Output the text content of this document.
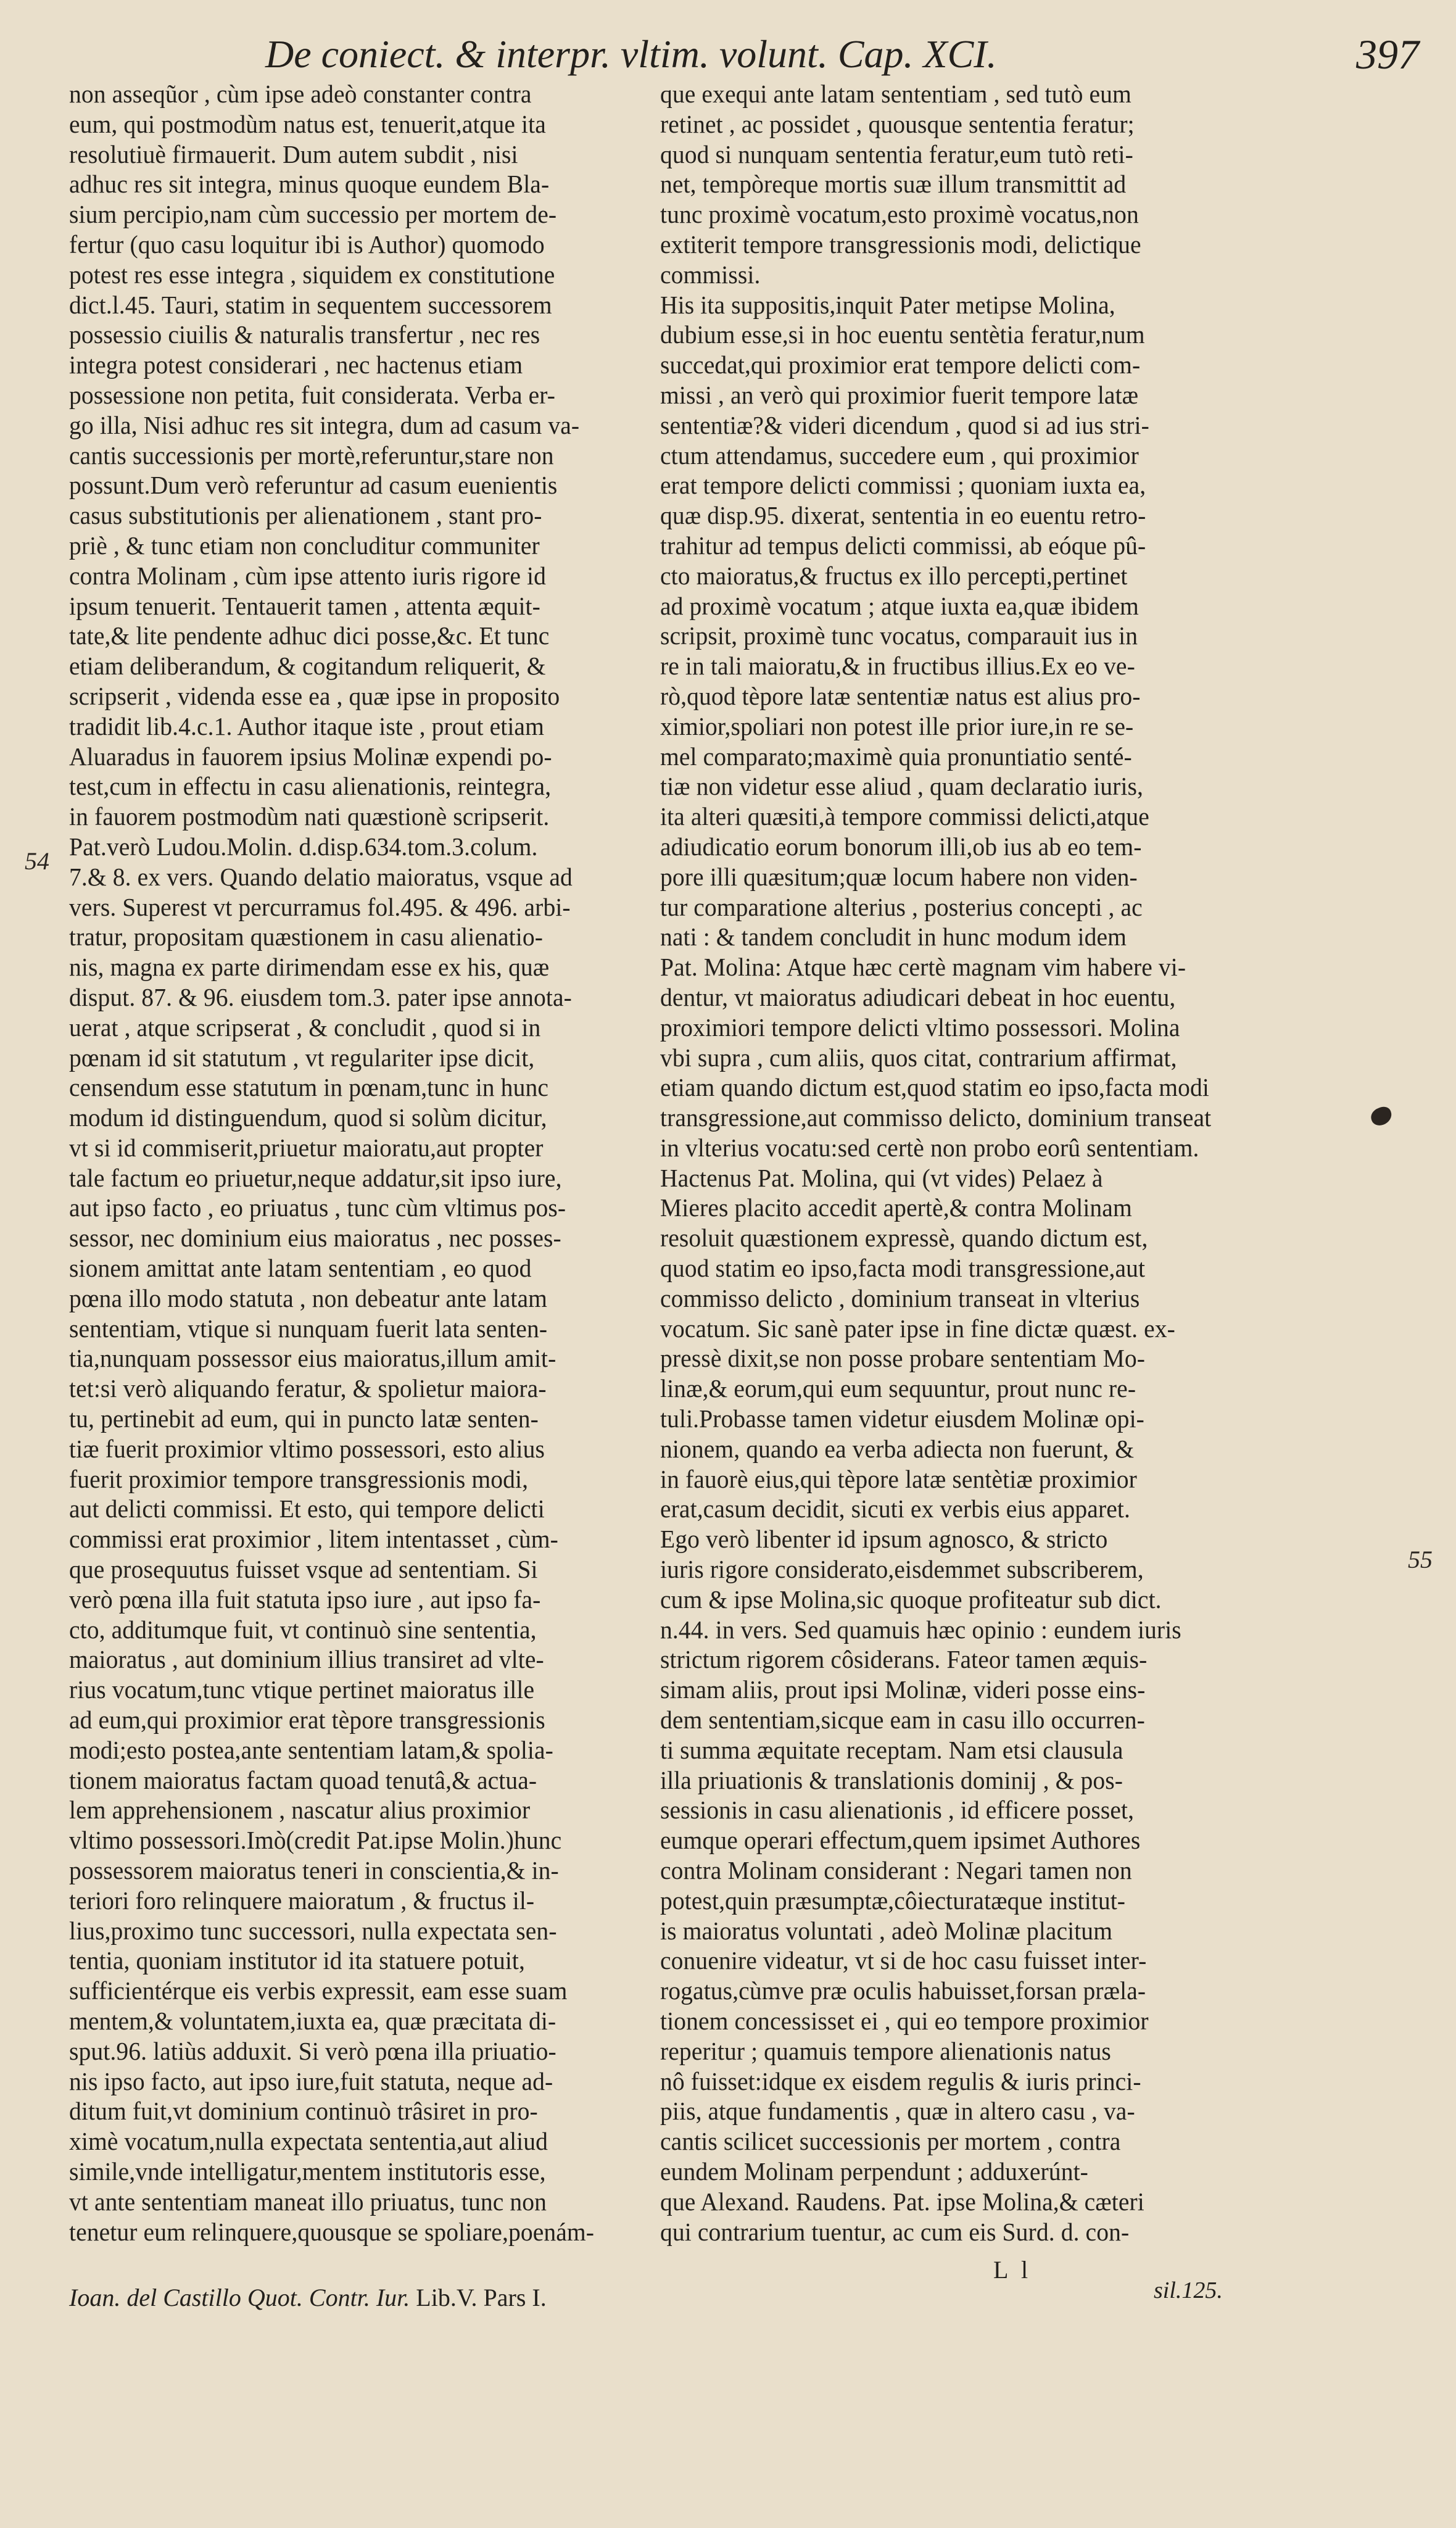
De coniect. & interpr. vltim. volunt. Cap. XCI.	397

non asseqũor , cùm ipse adeò constanter contra

eum, qui postmodùm natus est, tenuerit,atque ita

resolutiuè firmauerit. Dum autem subdit , nisi

adhuc res sit integra, minus quoque eundem Bla-

sium percipio,nam cùm successio per mortem de-

fertur (quo casu loquitur ibi is Author) quomodo

potest res esse integra , siquidem ex constitutione

dict.l.45. Tauri, statim in sequentem successorem

possessio ciuilis & naturalis transfertur , nec res

integra potest considerari , nec hactenus etiam

possessione non petita, fuit considerata. Verba er-

go illa, Nisi adhuc res sit integra, dum ad casum va-

cantis successionis per mortè,referuntur,stare non

possunt.Dum verò referuntur ad casum euenientis

casus substitutionis per alienationem , stant pro-

priè , & tunc etiam non concluditur communiter

contra Molinam , cùm ipse attento iuris rigore id

ipsum tenuerit. Tentauerit tamen , attenta æquit-

tate,& lite pendente adhuc dici posse,&c. Et tunc

etiam deliberandum, & cogitandum reliquerit, &

scripserit , videnda esse ea , quæ ipse in proposito

tradidit lib.4.c.1. Author itaque iste , prout etiam

Aluaradus in fauorem ipsius Molinæ expendi po-

test,cum in effectu in casu alienationis, reintegra,

in fauorem postmodùm nati quæstionè scripserit.

Pat.verò Ludou.Molin. d.disp.634.tom.3.colum.

7.& 8. ex vers. Quando delatio maioratus, vsque ad

vers. Superest vt percurramus fol.495. & 496. arbi-

tratur, propositam quæstionem in casu alienatio-

nis, magna ex parte dirimendam esse ex his, quæ

disput. 87. & 96. eiusdem tom.3. pater ipse annota-

uerat , atque scripserat , & concludit , quod si in

pœnam id sit statutum , vt regulariter ipse dicit,

censendum esse statutum in pœnam,tunc in hunc

modum id distinguendum, quod si solùm dicitur,

vt si id commiserit,priuetur maioratu,aut propter

tale factum eo priuetur,neque addatur,sit ipso iure,

aut ipso facto , eo priuatus , tunc cùm vltimus pos-

sessor, nec dominium eius maioratus , nec posses-

sionem amittat ante latam sententiam , eo quod

pœna illo modo statuta , non debeatur ante latam

sententiam, vtique si nunquam fuerit lata senten-

tia,nunquam possessor eius maioratus,illum amit-

tet:si verò aliquando feratur, & spolietur maiora-

tu, pertinebit ad eum, qui in puncto latæ senten-

tiæ fuerit proximior vltimo possessori, esto alius

fuerit proximior tempore transgressionis modi,

aut delicti commissi. Et esto, qui tempore delicti

commissi erat proximior , litem intentasset , cùm-

que prosequutus fuisset vsque ad sententiam. Si

verò pœna illa fuit statuta ipso iure , aut ipso fa-

cto, additumque fuit, vt continuò sine sententia,

maioratus , aut dominium illius transiret ad vlte-

rius vocatum,tunc vtique pertinet maioratus ille

ad eum,qui proximior erat tèpore transgressionis

modi;esto postea,ante sententiam latam,& spolia-

tionem maioratus factam quoad tenutâ,& actua-

lem apprehensionem , nascatur alius proximior

vltimo possessori.Imò(credit Pat.ipse Molin.)hunc

possessorem maioratus teneri in conscientia,& in-

teriori foro relinquere maioratum , & fructus il-

lius,proximo tunc successori, nulla expectata sen-

tentia, quoniam institutor id ita statuere potuit,

sufficientérque eis verbis expressit, eam esse suam

mentem,& voluntatem,iuxta ea, quæ præcitata di-

sput.96. latiùs adduxit. Si verò pœna illa priuatio-

nis ipso facto, aut ipso iure,fuit statuta, neque ad-

ditum fuit,vt dominium continuò trâsiret in pro-

ximè vocatum,nulla expectata sententia,aut aliud

simile,vnde intelligatur,mentem institutoris esse,

vt ante sententiam maneat illo priuatus, tunc non

tenetur eum relinquere,quousque se spoliare,poenám-

que exequi ante latam sententiam , sed tutò eum

retinet , ac possidet , quousque sententia feratur;

quod si nunquam sententia feratur,eum tutò reti-

net, tempòreque mortis suæ illum transmittit ad

tunc proximè vocatum,esto proximè vocatus,non

extiterit tempore transgressionis modi, delictique

commissi.

His ita suppositis,inquit Pater metipse Molina,

dubium esse,si in hoc euentu sentètia feratur,num

succedat,qui proximior erat tempore delicti com-

missi , an verò qui proximior fuerit tempore latæ

sententiæ?& videri dicendum , quod si ad ius stri-

ctum attendamus, succedere eum , qui proximior

erat tempore delicti commissi ; quoniam iuxta ea,

quæ disp.95. dixerat, sententia in eo euentu retro-

trahitur ad tempus delicti commissi, ab eóque pû-

cto maioratus,& fructus ex illo percepti,pertinet

ad proximè vocatum ; atque iuxta ea,quæ ibidem

scripsit, proximè tunc vocatus, comparauit ius in

re in tali maioratu,& in fructibus illius.Ex eo ve-

rò,quod tèpore latæ sententiæ natus est alius pro-

ximior,spoliari non potest ille prior iure,in re se-

mel comparato;maximè quia pronuntiatio senté-

tiæ non videtur esse aliud , quam declaratio iuris,

ita alteri quæsiti,à tempore commissi delicti,atque

adiudicatio eorum bonorum illi,ob ius ab eo tem-

pore illi quæsitum;quæ locum habere non viden-

tur comparatione alterius , posterius concepti , ac

nati : & tandem concludit in hunc modum idem

Pat. Molina: Atque hæc certè magnam vim habere vi-

dentur, vt maioratus adiudicari debeat in hoc euentu,

proximiori tempore delicti vltimo possessori. Molina

vbi supra , cum aliis, quos citat, contrarium affirmat,

etiam quando dictum est,quod statim eo ipso,facta modi

transgressione,aut commisso delicto, dominium transeat

in vlterius vocatu:sed certè non probo eorû sententiam.

Hactenus Pat. Molina, qui (vt vides) Pelaez à

Mieres placito accedit apertè,& contra Molinam

resoluit quæstionem expressè, quando dictum est,

quod statim eo ipso,facta modi transgressione,aut

commisso delicto , dominium transeat in vlterius

vocatum. Sic sanè pater ipse in fine dictæ quæst. ex-

pressè dixit,se non posse probare sententiam Mo-

linæ,& eorum,qui eum sequuntur, prout nunc re-

tuli.Probasse tamen videtur eiusdem Molinæ opi-

nionem, quando ea verba adiecta non fuerunt, &

in fauorè eius,qui tèpore latæ sentètiæ proximior

erat,casum decidit, sicuti ex verbis eius apparet.

Ego verò libenter id ipsum agnosco, & stricto

iuris rigore considerato,eisdemmet subscriberem,

cum & ipse Molina,sic quoque profiteatur sub dict.

n.44. in vers. Sed quamuis hæc opinio : eundem iuris

strictum rigorem côsiderans. Fateor tamen æquis-

simam aliis, prout ipsi Molinæ, videri posse eins-

dem sententiam,sicque eam in casu illo occurren-

ti summa æquitate receptam. Nam etsi clausula

illa priuationis & translationis dominij , & pos-

sessionis in casu alienationis , id efficere posset,

eumque operari effectum,quem ipsimet Authores

contra Molinam considerant : Negari tamen non

potest,quin præsumptæ,côiecturatæque institut-

is maioratus voluntati , adeò Molinæ placitum

conuenire videatur, vt si de hoc casu fuisset inter-

rogatus,cùmve præ oculis habuisset,forsan præla-

tionem concessisset ei , qui eo tempore proximior

reperitur ; quamuis tempore alienationis natus

nô fuisset:idque ex eisdem regulis & iuris princi-

piis, atque fundamentis , quæ in altero casu , va-

cantis scilicet successionis per mortem , contra

eundem Molinam perpendunt ; adduxerúnt-

que Alexand. Raudens. Pat. ipse Molina,& cæteri

qui contrarium tuentur, ac cum eis Surd. d. con-

54
55
L l
sil.125.
Ioan. del Castillo Quot. Contr. Iur. Lib.V. Pars I.
